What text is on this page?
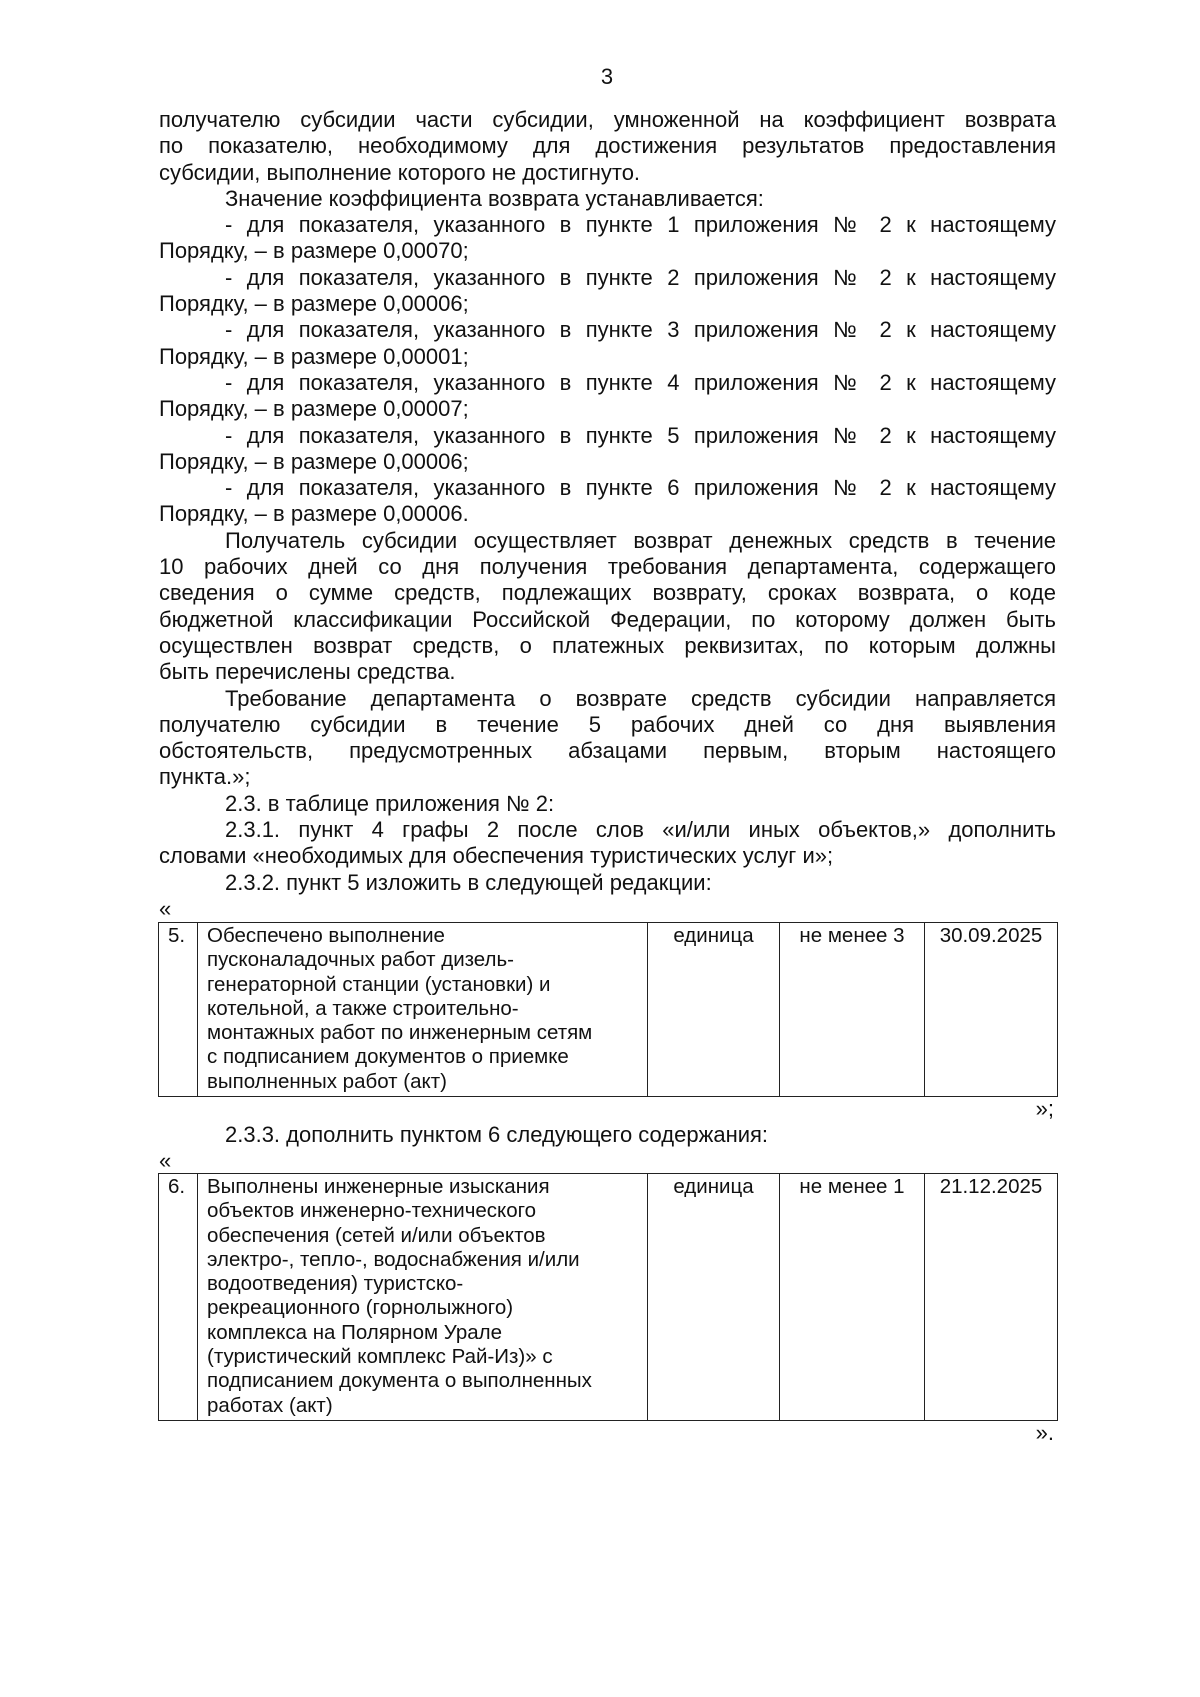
3
получателю субсидии части субсидии, умноженной на коэффициент возврата
по показателю, необходимому для достижения результатов предоставления
субсидии, выполнение которого не достигнуто.
Значение коэффициента возврата устанавливается:
- для показателя, указанного в пункте 1 приложения № 2 к настоящему
Порядку, – в размере 0,00070;
- для показателя, указанного в пункте 2 приложения № 2 к настоящему
Порядку, – в размере 0,00006;
- для показателя, указанного в пункте 3 приложения № 2 к настоящему
Порядку, – в размере 0,00001;
- для показателя, указанного в пункте 4 приложения № 2 к настоящему
Порядку, – в размере 0,00007;
- для показателя, указанного в пункте 5 приложения № 2 к настоящему
Порядку, – в размере 0,00006;
- для показателя, указанного в пункте 6 приложения № 2 к настоящему
Порядку, – в размере 0,00006.
Получатель субсидии осуществляет возврат денежных средств в течение
10 рабочих дней со дня получения требования департамента, содержащего
сведения о сумме средств, подлежащих возврату, сроках возврата, о коде
бюджетной классификации Российской Федерации, по которому должен быть
осуществлен возврат средств, о платежных реквизитах, по которым должны
быть перечислены средства.
Требование департамента о возврате средств субсидии направляется
получателю субсидии в течение 5 рабочих дней со дня выявления
обстоятельств, предусмотренных абзацами первым, вторым настоящего
пункта.»;
2.3. в таблице приложения № 2:
2.3.1. пункт 4 графы 2 после слов «и/или иных объектов,» дополнить
словами «необходимых для обеспечения туристических услуг и»;
2.3.2. пункт 5 изложить в следующей редакции:
«
5.	Обеспечено выполнение
пусконаладочных работ дизель-
генераторной станции (установки) и
котельной, а также строительно-
монтажных работ по инженерным сетям
с подписанием документов о приемке
выполненных работ (акт)	единица	не менее 3	30.09.2025
»;
2.3.3. дополнить пунктом 6 следующего содержания:
«
6.	Выполнены инженерные изыскания
объектов инженерно-технического
обеспечения (сетей и/или объектов
электро-, тепло-, водоснабжения и/или
водоотведения) туристско-
рекреационного (горнолыжного)
комплекса на Полярном Урале
(туристический комплекс Рай-Из)» с
подписанием документа о выполненных
работах (акт)	единица	не менее 1	21.12.2025
».
